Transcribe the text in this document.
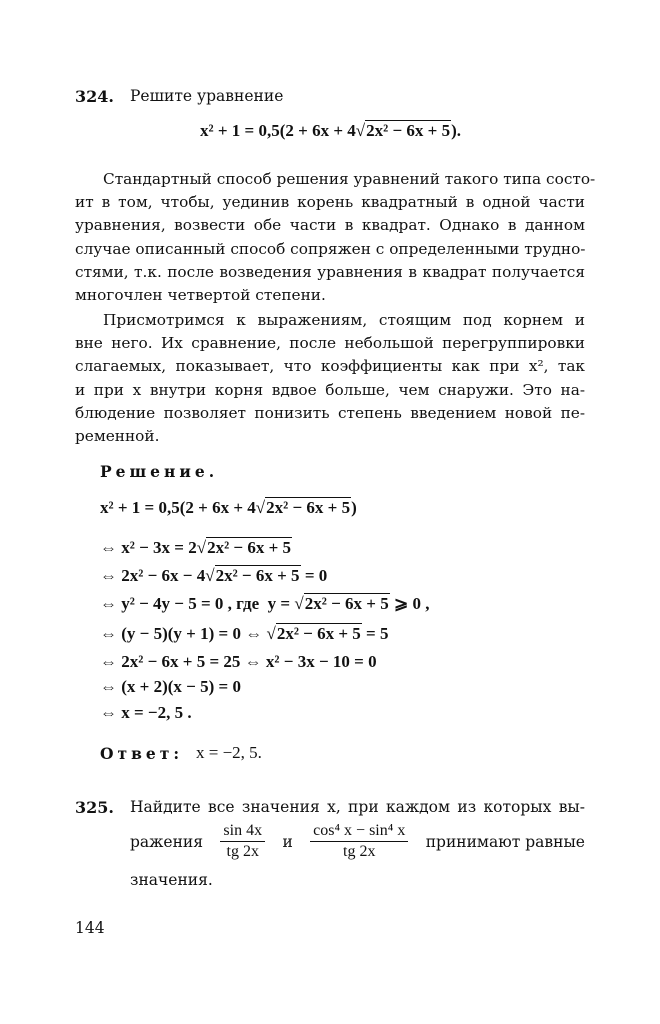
324. Решите уравнение
x² + 1 = 0,5(2 + 6x + 4√2x² − 6x + 5).
Стандартный способ решения уравнений такого типа состо-
ит в том, чтобы, уединив корень квадратный в одной части
уравнения, возвести обе части в квадрат. Однако в данном
случае описанный способ сопряжен с определенными трудно-
стями, т.к. после возведения уравнения в квадрат получается
многочлен четвертой степени.
Присмотримся к выражениям, стоящим под корнем и
вне него. Их сравнение, после небольшой перегруппировки
слагаемых, показывает, что коэффициенты как при x², так
и при x внутри корня вдвое больше, чем снаружи. Это на-
блюдение позволяет понизить степень введением новой пе-
ременной.
Решение.
x² + 1 = 0,5(2 + 6x + 4√2x² − 6x + 5)
⇔ x² − 3x = 2√2x² − 6x + 5
⇔ 2x² − 6x − 4√2x² − 6x + 5 = 0
⇔ y² − 4y − 5 = 0 , где  y = √2x² − 6x + 5 ⩾ 0 ,
⇔ (y − 5)(y + 1) = 0 ⇔ √2x² − 6x + 5 = 5
⇔ 2x² − 6x + 5 = 25 ⇔ x² − 3x − 10 = 0
⇔ (x + 2)(x − 5) = 0
⇔ x = −2, 5 .
Ответ: x = −2, 5.
325. Найдите все значения x, при каждом из которых вы-
ражения $\frac{\sin 4x}{tg 2x}$ и $\frac{\text{cos⁴ x − sin⁴ x}}{tg 2x}$ принимают равные
значения.
144
